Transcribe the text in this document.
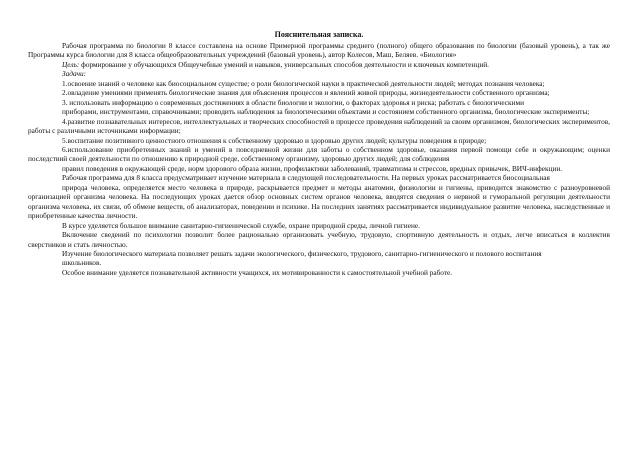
Пояснительная записка.

Рабочая программа по биологии 8 классе составлена на основе Примерной программы среднего (полного) общего образования по биологии (базовый уровень), а так же Программы курса биологии для 8 класса общеобразовательных учреждений (базовый уровень), автор Колесов, Маш, Беляев. «Биология»

Цель: формирование у обучающихся Общеучебные умений и навыков, универсальных способов деятельности и ключевых компетенций.

Задачи:

1.освоение знаний о человеке как биосоциальном существе; о роли биологической науки в практической деятельности людей; методах познания человека;

2.овладение умениями применять биологические знания для объяснения процессов и явлений живой природы, жизнедеятельности собственного организма;

3. использовать информацию о современных достижениях в области биологии и экологии, о факторах здоровья и риска; работать с биологическими

приборами, инструментами, справочниками; проводить наблюдения за биологическими объектами и состоянием собственного организма, биологические эксперименты;

4.развитие познавательных интересов, интеллектуальных и творческих способностей в процессе проведения наблюдений за своим организмом, биологических экспериментов, работы с различными источниками информации;

5.воспитание позитивного ценностного отношения к собственному здоровью и здоровью других людей; культуры поведения в природе;

6.использование приобретенных знаний и умений в повседневной жизни для заботы о собственном здоровье, оказания первой помощи себе и окружающим; оценки последствий своей деятельности по отношению к природной среде, собственному организму, здоровью других людей; для соблюдения

правил поведения в окружающей среде, норм здорового образа жизни, профилактики заболеваний, травматизма и стрессов, вредных привычек, ВИЧ-инфекции.

Рабочая программа для 8 класса предусматривает изучение материала в следующей последовательности. На первых уроках рассматривается биосоциальная

природа человека, определяется место человека в природе, раскрывается предмет и методы анатомии, физиологии и гигиены, приводится знакомство с разноуровневой организацией организма человека. На последующих уроках дается обзор основных систем органов человека, вводятся сведения о нервной и гуморальной регуляции деятельности организма человека, их связи, об обмене веществ, об анализаторах, поведении и психике. На последних занятиях рассматривается индивидуальное развитие человека, наследственные и приобретенные качества личности.

В курсе уделяется большое внимание санитарно-гигиенической службе, охране природной среды, личной гигиене.

Включение сведений по психологии позволит более рационально организовать учебную, трудовую, спортивную деятельность и отдых, легче вписаться в коллектив сверстников и стать личностью.

Изучение биологического материала позволяет решать задачи экологического, физического, трудового, санитарно-гигиенического и полового воспитания

школьников.

Особое внимание уделяется познавательной активности учащихся, их мотивированности к самостоятельной учебной работе.
